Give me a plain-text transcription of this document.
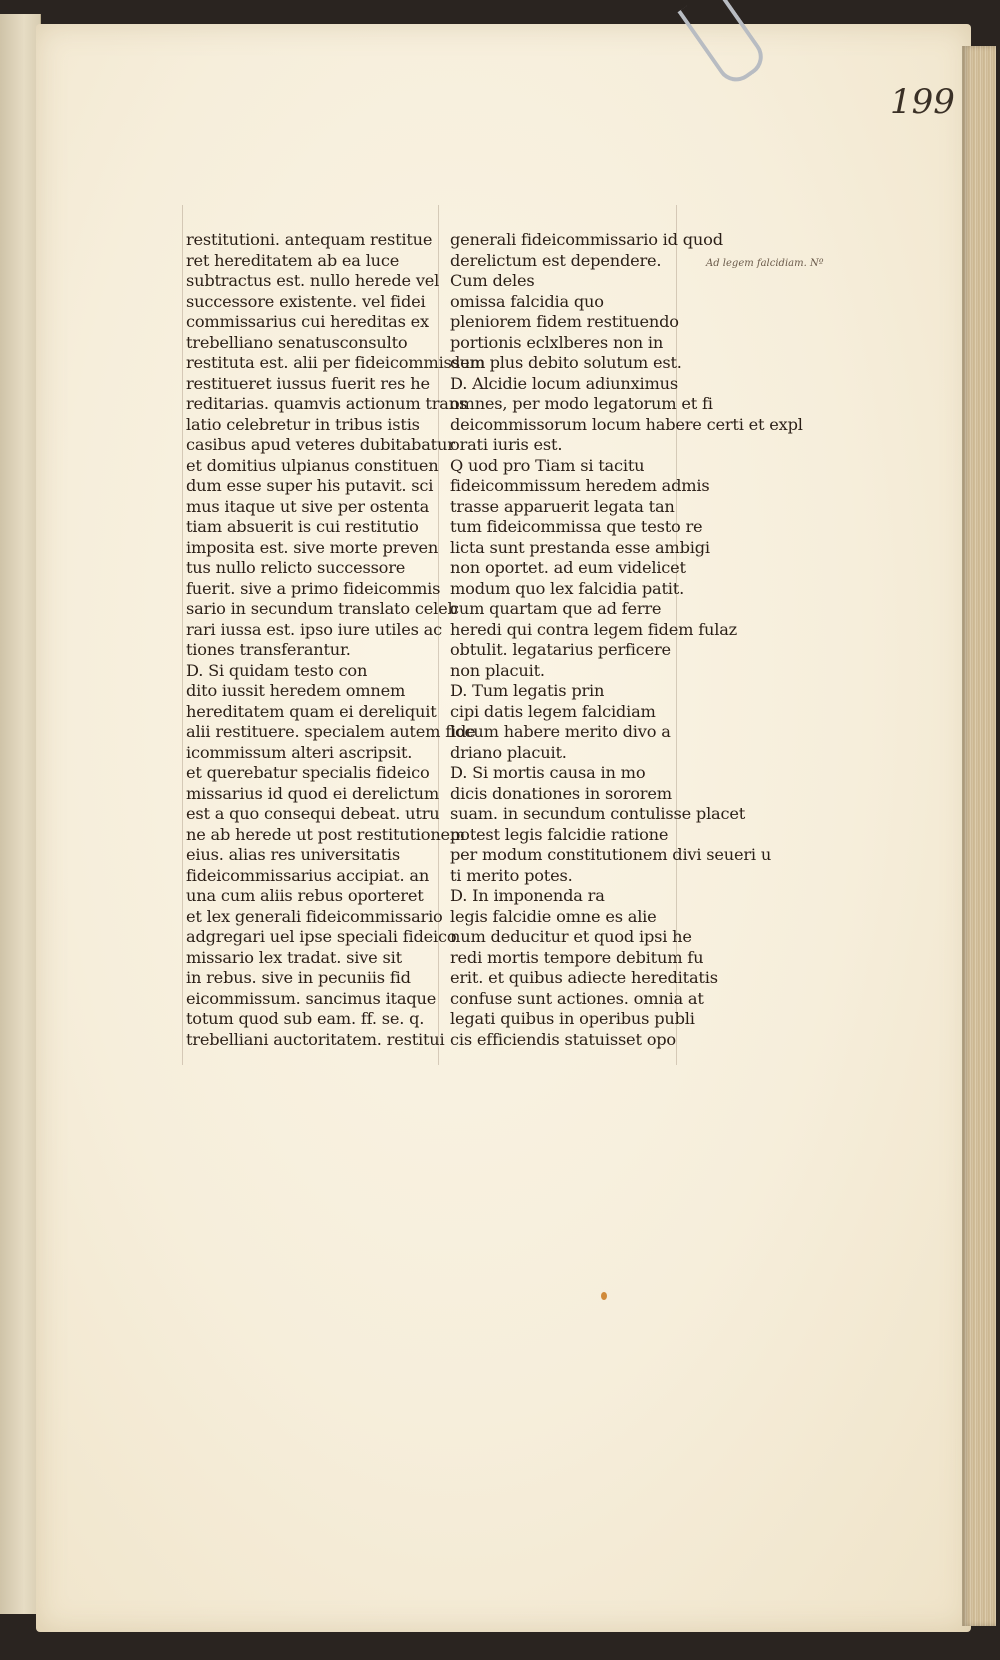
199
Ad legem falcidiam. Nº
restitutioni. antequam restitue
ret hereditatem ab ea luce
subtractus est. nullo herede vel
successore existente. vel fidei
commissarius cui hereditas ex
trebelliano senatusconsulto
restituta est. alii per fideicommissum
restitueret iussus fuerit res he
reditarias. quamvis actionum trans
latio celebretur in tribus istis
casibus apud veteres dubitabatur
et domitius ulpianus constituen
dum esse super his putavit. sci
mus itaque ut sive per ostenta
tiam absuerit is cui restitutio
imposita est. sive morte preven
tus nullo relicto successore
fuerit. sive a primo fideicommis
sario in secundum translato celeb
rari iussa est. ipso iure utiles ac
tiones transferantur.
D. Si quidam testo con
dito iussit heredem omnem
hereditatem quam ei dereliquit
alii restituere. specialem autem fide
icommissum alteri ascripsit.
et querebatur specialis fideico
missarius id quod ei derelictum
est a quo consequi debeat. utru
ne ab herede ut post restitutionem
eius. alias res universitatis
fideicommissarius accipiat. an
una cum aliis rebus oporteret
et lex generali fideicommissario
adgregari uel ipse speciali fideico
missario lex tradat. sive sit
in rebus. sive in pecuniis fid
eicommissum. sancimus itaque
totum quod sub eam. ff. se. q.
trebelliani auctoritatem. restitui
generali fideicommissario id quod
derelictum est dependere.
Cum deles
omissa falcidia quo
pleniorem fidem restituendo
portionis eclxlberes non in
dem plus debito solutum est.
D. Alcidie locum adiunximus
omnes, per modo legatorum et fi
deicommissorum locum habere certi et expl
orati iuris est.
Q uod pro Tiam si tacitu
fideicommissum heredem admis
trasse apparuerit legata tan
tum fideicommissa que testo re
licta sunt prestanda esse ambigi
non oportet. ad eum videlicet
modum quo lex falcidia patit.
cum quartam que ad ferre
heredi qui contra legem fidem fulaz
obtulit. legatarius perficere
non placuit.
D. Tum legatis prin
cipi datis legem falcidiam
locum habere merito divo a
driano placuit.
D. Si mortis causa in mo
dicis donationes in sororem
suam. in secundum contulisse placet
potest legis falcidie ratione
per modum constitutionem divi seueri u
ti merito potes.
D. In imponenda ra
legis falcidie omne es alie
num deducitur et quod ipsi he
redi mortis tempore debitum fu
erit. et quibus adiecte hereditatis
confuse sunt actiones. omnia at
legati quibus in operibus publi
cis efficiendis statuisset opo
